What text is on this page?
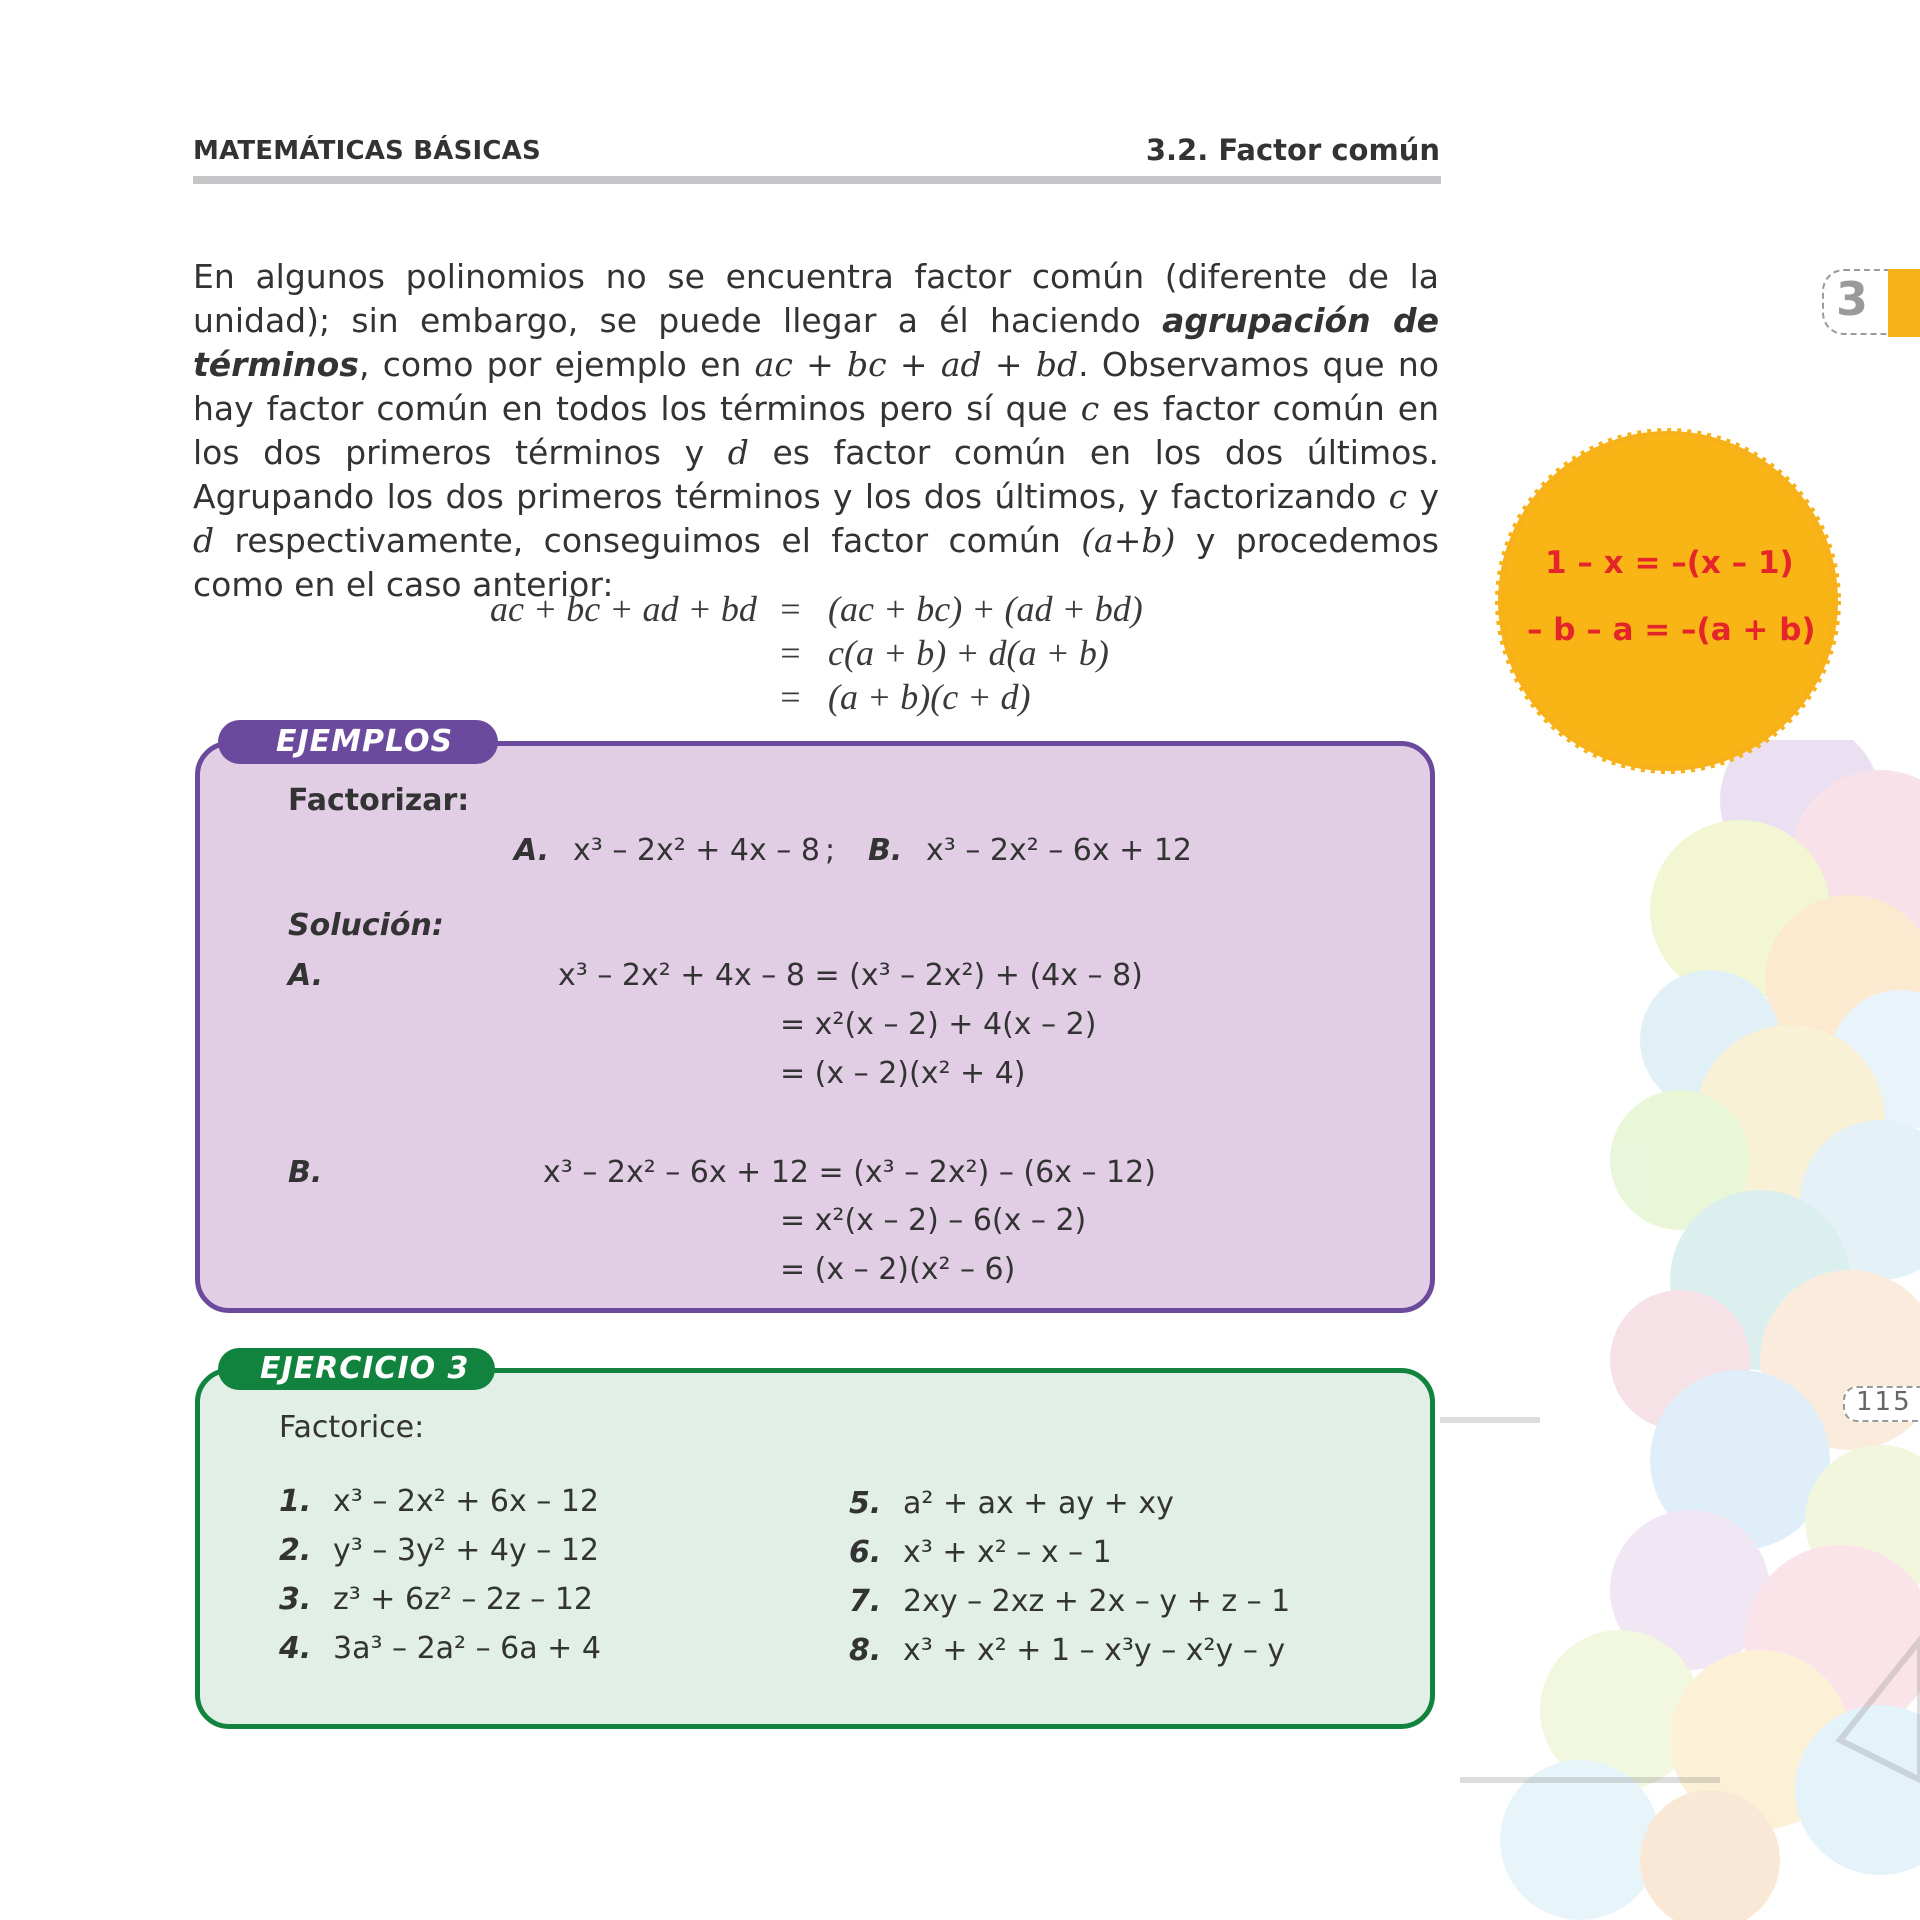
MATEMÁTICAS BÁSICAS	3.2. Factor común
En algunos polinomios no se encuentra factor común (diferente de la unidad); sin embargo, se puede llegar a él haciendo agrupación de términos, como por ejemplo en ac + bc + ad + bd. Observamos que no hay factor común en todos los términos pero sí que c es factor común en los dos primeros términos y d es factor común en los dos últimos. Agrupando los dos primeros términos y los dos últimos, y factorizando c y d respectivamente, conseguimos el factor común (a+b) y procedemos como en el caso anterior:
ac + bc + ad + bd = (ac + bc) + (ad + bd)
= c(a + b) + d(a + b)
= (a + b)(c + d)
3
1 – x = –(x – 1)
– b – a = –(a + b)
115
EJEMPLOS
Factorizar:
A. x³ – 2x² + 4x – 8 ; B. x³ – 2x² – 6x + 12
Solución:
A.	x³ – 2x² + 4x – 8 = (x³ – 2x²) + (4x – 8)
= x²(x – 2) + 4(x – 2)
= (x – 2)(x² + 4)
B.	x³ – 2x² – 6x + 12 = (x³ – 2x²) – (6x – 12)
= x²(x – 2) – 6(x – 2)
= (x – 2)(x² – 6)
EJERCICIO 3
Factorice:
1. x³ – 2x² + 6x – 12
2. y³ – 3y² + 4y – 12
3. z³ + 6z² – 2z – 12
4. 3a³ – 2a² – 6a + 4
5. a² + ax + ay + xy
6. x³ + x² – x – 1
7. 2xy – 2xz + 2x – y + z – 1
8. x³ + x² + 1 – x³y – x²y – y
